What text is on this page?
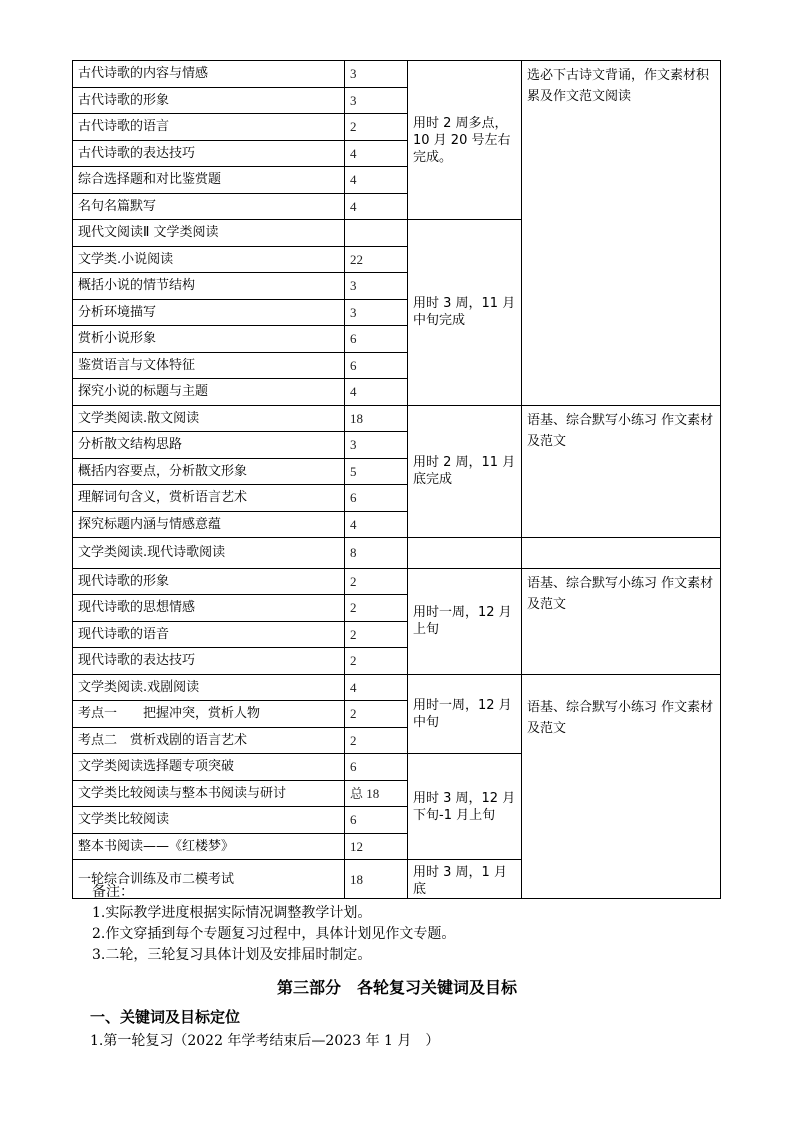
古代诗歌的内容与情感	3	用时 2 周多点，10 月 20 号左右完成。	选必下古诗文背诵，作文素材积累及作文范文阅读
古代诗歌的形象	3		
古代诗歌的语言	2		
古代诗歌的表达技巧	4		
综合选择题和对比鉴赏题	4		
名句名篇默写	4		
现代文阅读Ⅱ 文学类阅读		用时 3 周，11 月中旬完成	
文学类.小说阅读	22		
概括小说的情节结构	3		
分析环境描写	3		
赏析小说形象	6		
鉴赏语言与文体特征	6		
探究小说的标题与主题	4		
文学类阅读.散文阅读	18	用时 2 周，11 月底完成	语基、综合默写小练习 作文素材及范文
分析散文结构思路	3		
概括内容要点，分析散文形象	5		
理解词句含义，赏析语言艺术	6		
探究标题内涵与情感意蕴	4		
文学类阅读.现代诗歌阅读	8		
现代诗歌的形象	2	用时一周，12 月上旬	语基、综合默写小练习 作文素材及范文
现代诗歌的思想情感	2		
现代诗歌的语音	2		
现代诗歌的表达技巧	2		
文学类阅读.戏剧阅读	4	用时一周，12 月中旬	语基、综合默写小练习 作文素材及范文
考点一　　把握冲突，赏析人物	2		
考点二　赏析戏剧的语言艺术	2		
文学类阅读选择题专项突破	6	用时 3 周，12 月下旬-1 月上旬	
文学类比较阅读与整本书阅读与研讨	总 18		
文学类比较阅读	6		
整本书阅读——《红楼梦》	12		
一轮综合训练及市二模考试	18	用时 3 周，1 月底	
备注：
1.实际教学进度根据实际情况调整教学计划。
2.作文穿插到每个专题复习过程中，具体计划见作文专题。
3.二轮，三轮复习具体计划及安排届时制定。
第三部分　各轮复习关键词及目标
一、关键词及目标定位
1.第一轮复习（2022 年学考结束后—2023 年 1 月　）
